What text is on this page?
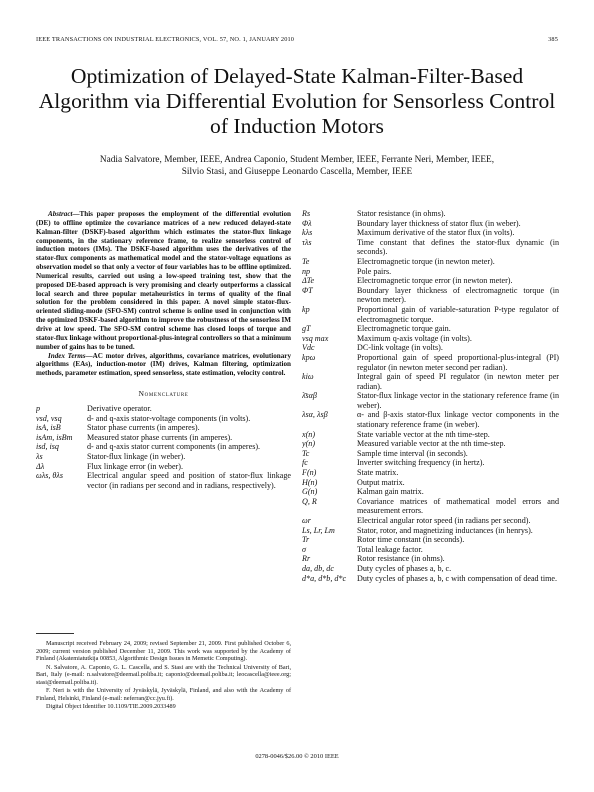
IEEE TRANSACTIONS ON INDUSTRIAL ELECTRONICS, VOL. 57, NO. 1, JANUARY 2010	385
Optimization of Delayed-State Kalman-Filter-Based Algorithm via Differential Evolution for Sensorless Control of Induction Motors
Nadia Salvatore, Member, IEEE, Andrea Caponio, Student Member, IEEE, Ferrante Neri, Member, IEEE,
Silvio Stasi, and Giuseppe Leonardo Cascella, Member, IEEE

Abstract—This paper proposes the employment of the differential evolution (DE) to offline optimize the covariance matrices of a new reduced delayed-state Kalman-filter (DSKF)-based algorithm which estimates the stator-flux linkage components, in the stationary reference frame, to realize sensorless control of induction motors (IMs). The DSKF-based algorithm uses the derivatives of the stator-flux components as mathematical model and the stator-voltage equations as observation model so that only a vector of four variables has to be offline optimized. Numerical results, carried out using a low-speed training test, show that the proposed DE-based approach is very promising and clearly outperforms a classical local search and three popular metaheuristics in terms of quality of the final solution for the problem considered in this paper. A novel simple stator-flux-oriented sliding-mode (SFO-SM) control scheme is online used in conjunction with the optimized DSKF-based algorithm to improve the robustness of the sensorless IM drive at low speed. The SFO-SM control scheme has closed loops of torque and stator-flux linkage without proportional-plus-integral controllers so that a minimum number of gains has to be tuned.

Index Terms—AC motor drives, algorithms, covariance matrices, evolutionary algorithms (EAs), induction-motor (IM) drives, Kalman filtering, optimization methods, parameter estimation, speed sensorless, state estimation, velocity control.

Nomenclature
p	Derivative operator.
vsd, vsq	d- and q-axis stator-voltage components (in volts).
isA, isB	Stator phase currents (in amperes).
isAm, isBm	Measured stator phase currents (in amperes).
isd, isq	d- and q-axis stator current components (in amperes).
λs	Stator-flux linkage (in weber).
Δλ	Flux linkage error (in weber).
ωλs, θλs	Electrical angular speed and position of stator-flux linkage vector (in radians per second and in radians, respectively).
Rs	Stator resistance (in ohms).
Φλ	Boundary layer thickness of stator flux (in weber).
kλs	Maximum derivative of the stator flux (in volts).
τλs	Time constant that defines the stator-flux dynamic (in seconds).
Te	Electromagnetic torque (in newton meter).
np	Pole pairs.
ΔTe	Electromagnetic torque error (in newton meter).
ΦT	Boundary layer thickness of electromagnetic torque (in newton meter).
kp	Proportional gain of variable-saturation P-type regulator of electromagnetic torque.
gT	Electromagnetic torque gain.
vsq max	Maximum q-axis voltage (in volts).
Vdc	DC-link voltage (in volts).
kpω	Proportional gain of speed proportional-plus-integral (PI) regulator (in newton meter second per radian).
kiω	Integral gain of speed PI regulator (in newton meter per radian).
λ̄sαβ	Stator-flux linkage vector in the stationary reference frame (in weber).
λsα, λsβ	α- and β-axis stator-flux linkage vector components in the stationary reference frame (in weber).
x(n)	State variable vector at the nth time-step.
y(n)	Measured variable vector at the nth time-step.
Tc	Sample time interval (in seconds).
fc	Inverter switching frequency (in hertz).
F(n)	State matrix.
H(n)	Output matrix.
G(n)	Kalman gain matrix.
Q, R	Covariance matrices of mathematical model errors and measurement errors.
ωr	Electrical angular rotor speed (in radians per second).
Ls, Lr, Lm	Stator, rotor, and magnetizing inductances (in henrys).
Tr	Rotor time constant (in seconds).
σ	Total leakage factor.
Rr	Rotor resistance (in ohms).
da, db, dc	Duty cycles of phases a, b, c.
d*a, d*b, d*c	Duty cycles of phases a, b, c with compensation of dead time.

Manuscript received February 24, 2009; revised September 21, 2009. First published October 6, 2009; current version published December 11, 2009. This work was supported by the Academy of Finland (Akatemiatutkija 00853, Algorithmic Design Issues in Memetic Computing).

N. Salvatore, A. Caponio, G. L. Cascella, and S. Stasi are with the Technical University of Bari, Bari, Italy (e-mail: n.salvatore@deemail.poliba.it; caponio@deemail.poliba.it; leocascella@ieee.org; stasi@deemail.poliba.it).

F. Neri is with the University of Jyväskylä, Jyväskylä, Finland, and also with the Academy of Finland, Helsinki, Finland (e-mail: neferran@cc.jyu.fi).

Digital Object Identifier 10.1109/TIE.2009.2033489

0278-0046/$26.00 © 2010 IEEE
